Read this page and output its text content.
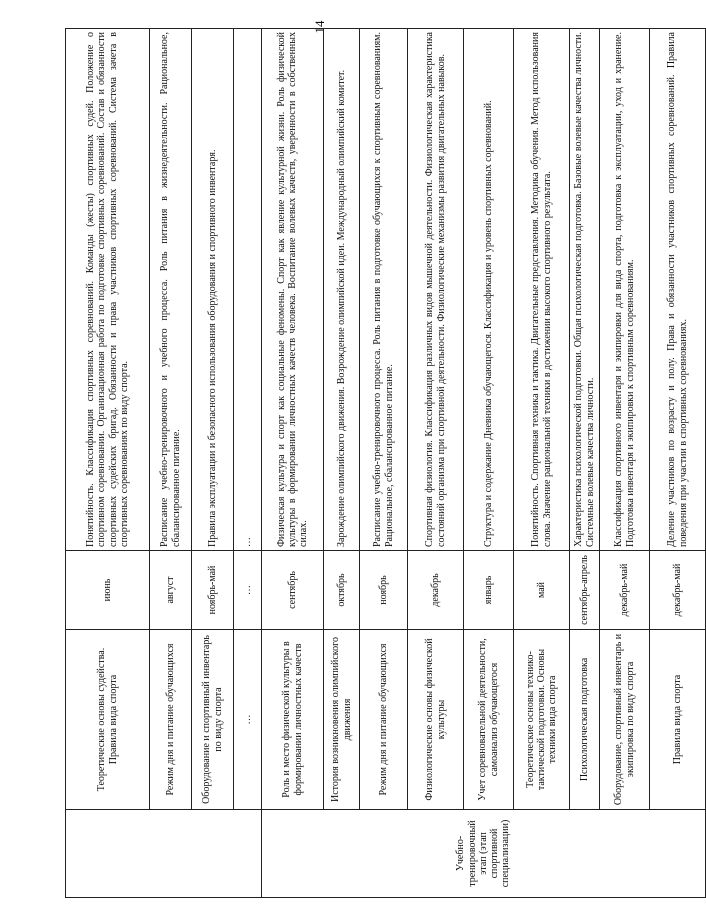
14
	Теоретические основы судейства. Правила вида спорта	июнь	Понятийность. Классификация спортивных соревнований. Команды (жесты) спортивных судей. Положение о спортивном соревновании. Организационная работа по подготовке спортивных соревнований. Состав и обязанности спортивных судейских бригад. Обязанности и права участников спортивных соревнований. Система зачета в спортивных соревнованиях по виду спорта.
	Режим дня и питание обучающихся	август	Расписание учебно-тренировочного и учебного процесса. Роль питания в жизнедеятельности. Рациональное, сбалансированное питание.
	Оборудование и спортивный инвентарь по виду спорта	ноябрь-май	Правила эксплуатации и безопасного использования оборудования и спортивного инвентаря.
	…	…	…
Учебно-тренировочный этап (этап спортивной специализации)	Роль и место физической культуры в формировании личностных качеств	сентябрь	Физическая культура и спорт как социальные феномены. Спорт как явление культурной жизни. Роль физической культуры в формировании личностных качеств человека. Воспитание волевых качеств, уверенности в собственных силах.
	История возникновения олимпийского движения	октябрь	Зарождение олимпийского движения. Возрождение олимпийской идеи. Международный олимпийский комитет.
	Режим дня и питание обучающихся	ноябрь	Расписание учебно-тренировочного процесса. Роль питания в подготовке обучающихся к спортивным соревнованиям. Рациональное, сбалансированное питание.
	Физиологические основы физической культуры	декабрь	Спортивная физиология. Классификация различных видов мышечной деятельности. Физиологическая характеристика состояний организма при спортивной деятельности. Физиологические механизмы развития двигательных навыков.
	Учет соревновательной деятельности, самоанализ обучающегося	январь	Структура и содержание Дневника обучающегося. Классификация и уровень спортивных соревнований.
	Теоретические основы технико-тактической подготовки. Основы техники вида спорта	май	Понятийность. Спортивная техника и тактика. Двигательные представления. Методика обучения. Метод использования слова. Значение рациональной техники в достижении высокого спортивного результата.
	Психологическая подготовка	сентябрь-апрель	Характеристика психологической подготовки. Общая психологическая подготовка. Базовые волевые качества личности. Системные волевые качества личности.
	Оборудование, спортивный инвентарь и экипировка по виду спорта	декабрь-май	Классификация спортивного инвентаря и экипировки для вида спорта, подготовка к эксплуатации, уход и хранение. Подготовка инвентаря и экипировки к спортивным соревнованиям.
	Правила вида спорта	декабрь-май	Деление участников по возрасту и полу. Права и обязанности участников спортивных соревнований. Правила поведения при участии в спортивных соревнованиях.
